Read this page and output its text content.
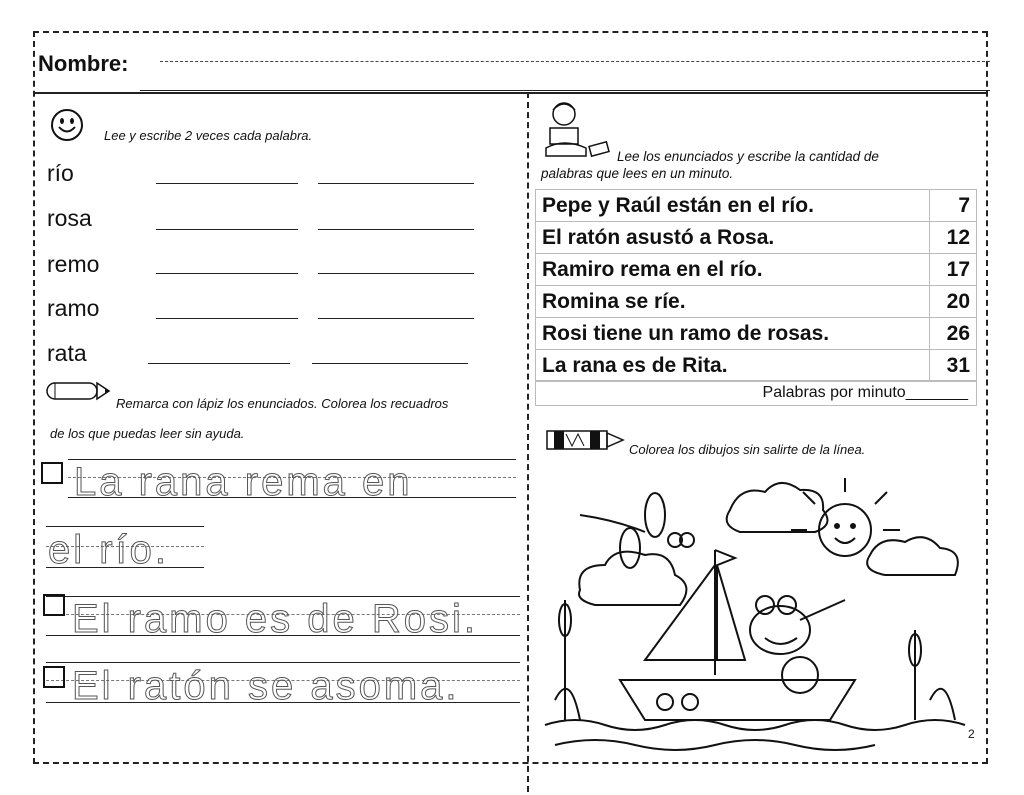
Nombre:
Lee y escribe 2 veces cada palabra.
río
rosa
remo
ramo
rata
Remarca con lápiz los enunciados. Colorea los recuadros
de los que puedas leer sin ayuda.
La rana rema en
el río.
El ramo es de Rosi.
El ratón se asoma.
Lee los enunciados y escribe la cantidad de
palabras que lees en un minuto.
Pepe y Raúl están en el río.	7
El ratón asustó a Rosa.	12
Ramiro rema en el río.	17
Romina se ríe.	20
Rosi tiene un ramo de rosas.	26
La rana es de Rita.	31
Palabras por minuto_______
Colorea los dibujos sin salirte de la línea.
2
